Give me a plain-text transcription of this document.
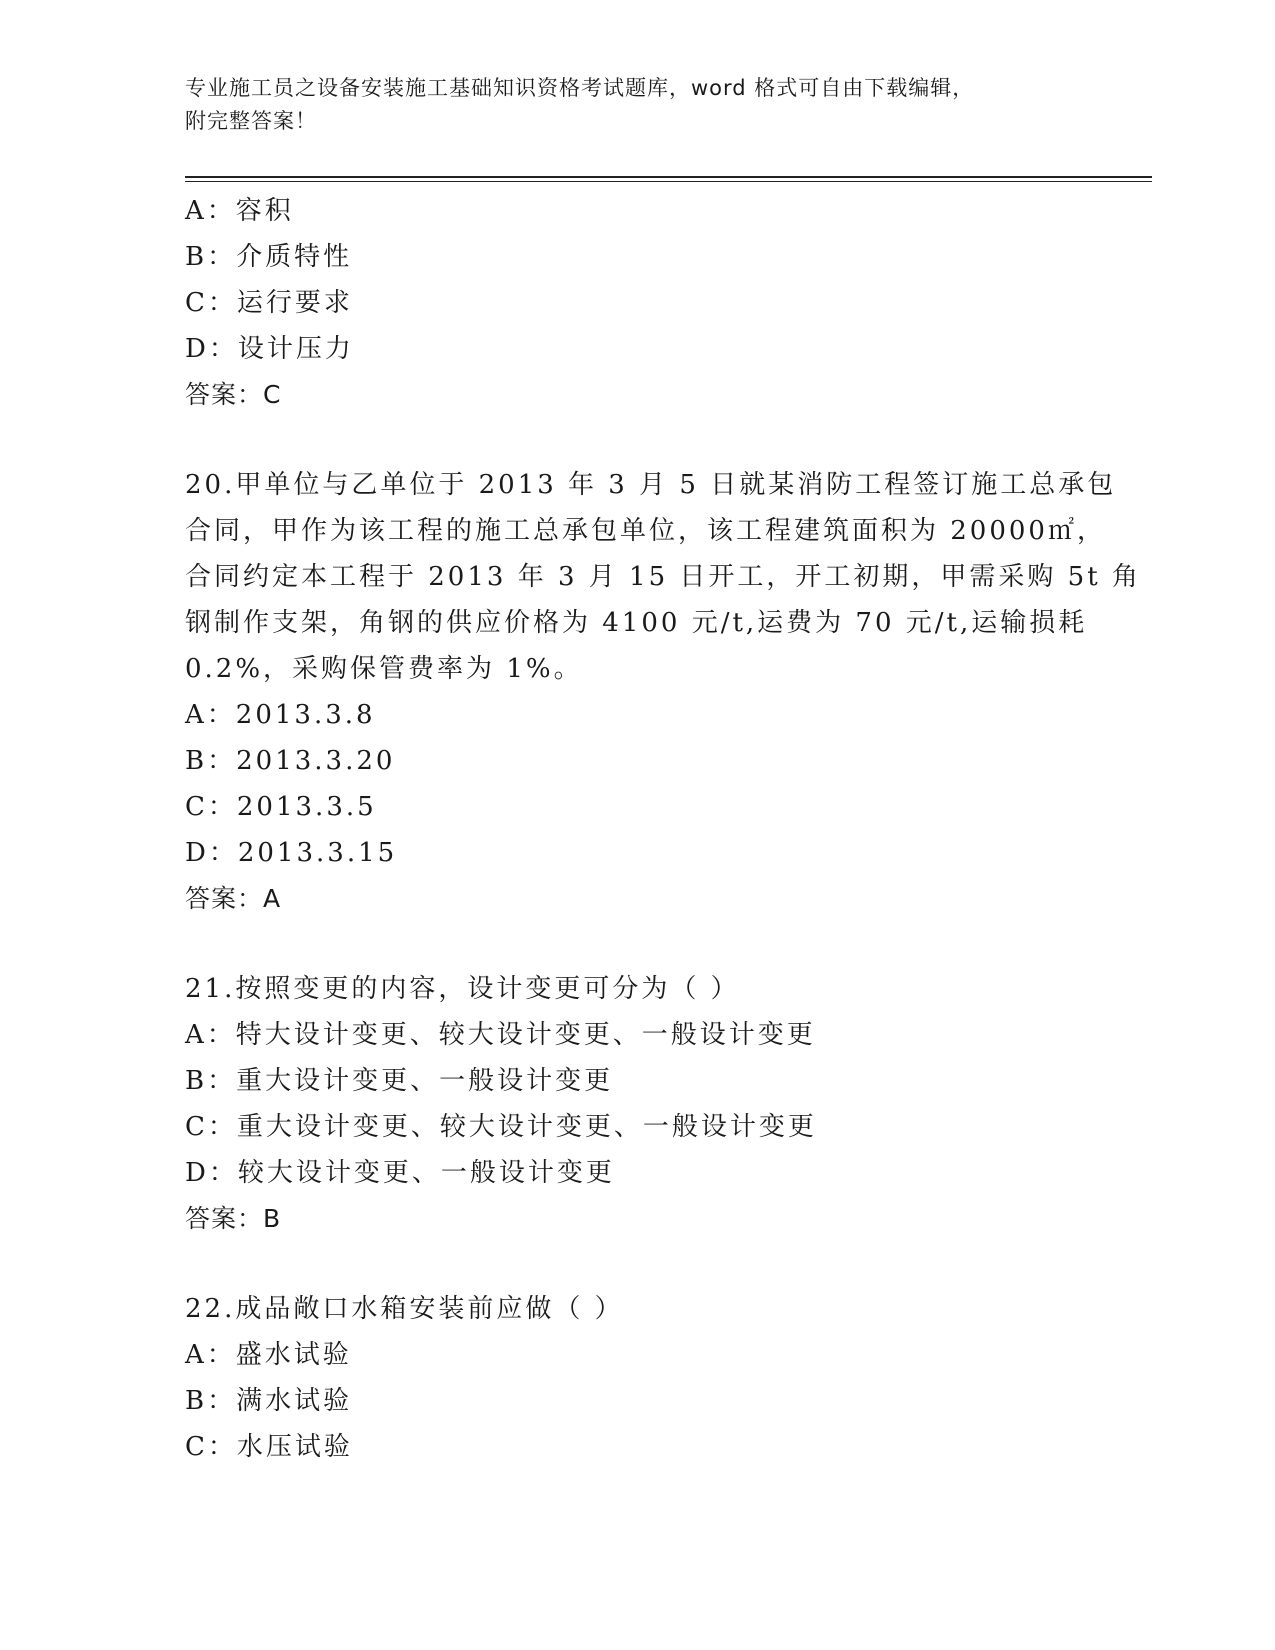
专业施工员之设备安装施工基础知识资格考试题库，word 格式可自由下载编辑，
附完整答案！
A：容积
B：介质特性
C：运行要求
D：设计压力
答案：C
20.甲单位与乙单位于 2013 年 3 月 5 日就某消防工程签订施工总承包
合同，甲作为该工程的施工总承包单位，该工程建筑面积为 20000㎡，
合同约定本工程于 2013 年 3 月 15 日开工，开工初期，甲需采购 5t 角
钢制作支架，角钢的供应价格为 4100 元/t,运费为 70 元/t,运输损耗
0.2%，采购保管费率为 1%。
A：2013.3.8
B：2013.3.20
C：2013.3.5
D：2013.3.15
答案：A
21.按照变更的内容，设计变更可分为（ ）
A：特大设计变更、较大设计变更、一般设计变更
B：重大设计变更、一般设计变更
C：重大设计变更、较大设计变更、一般设计变更
D：较大设计变更、一般设计变更
答案：B
22.成品敞口水箱安装前应做（ ）
A：盛水试验
B：满水试验
C：水压试验
